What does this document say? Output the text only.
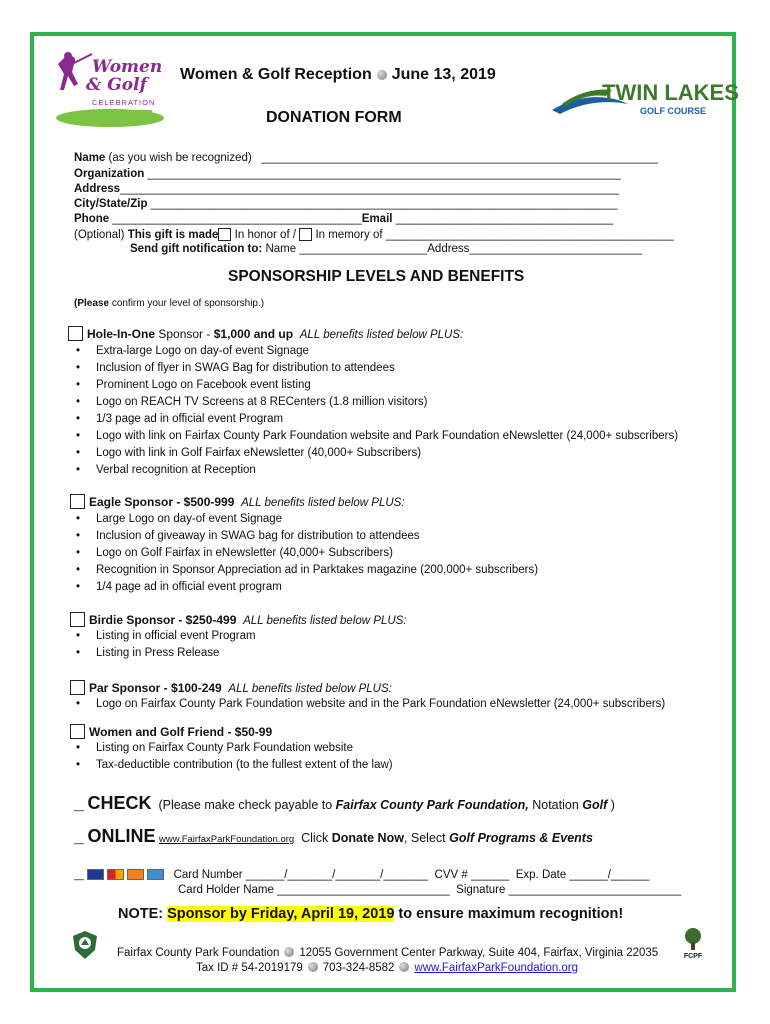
Women
& Golf
CELEBRATION
Women & Golf Reception June 13, 2019
TWIN LAKES
GOLF COURSE
DONATION FORM
Name (as you wish be recognized) ______________________________________________________________
Organization __________________________________________________________________________
Address______________________________________________________________________________
City/State/Zip _________________________________________________________________________
Phone _______________________________________Email __________________________________
(Optional) This gift is made In honor of / In memory of _____________________________________________
Send gift notification to: Name ____________________Address___________________________
SPONSORSHIP LEVELS AND BENEFITS
(Please confirm your level of sponsorship.)
Hole-In-One Sponsor - $1,000 and up ALL benefits listed below PLUS:
• Extra-large Logo on day-of event Signage
• Inclusion of flyer in SWAG Bag for distribution to attendees
• Prominent Logo on Facebook event listing
• Logo on REACH TV Screens at 8 RECenters (1.8 million visitors)
• 1/3 page ad in official event Program
• Logo with link on Fairfax County Park Foundation website and Park Foundation eNewsletter (24,000+ subscribers)
• Logo with link in Golf Fairfax eNewsletter (40,000+ Subscribers)
• Verbal recognition at Reception
Eagle Sponsor - $500-999 ALL benefits listed below PLUS:
• Large Logo on day-of event Signage
• Inclusion of giveaway in SWAG bag for distribution to attendees
• Logo on Golf Fairfax in eNewsletter (40,000+ Subscribers)
• Recognition in Sponsor Appreciation ad in Parktakes magazine (200,000+ subscribers)
• 1/4 page ad in official event program
Birdie Sponsor - $250-499 ALL benefits listed below PLUS:
• Listing in official event Program
• Listing in Press Release
Par Sponsor - $100-249 ALL benefits listed below PLUS:
• Logo on Fairfax County Park Foundation website and in the Park Foundation eNewsletter (24,000+ subscribers)
Women and Golf Friend - $50-99
• Listing on Fairfax County Park Foundation website
• Tax-deductible contribution (to the fullest extent of the law)
_ CHECK (Please make check payable to Fairfax County Park Foundation, Notation Golf )
_ ONLINE www.FairfaxParkFoundation.org Click Donate Now, Select Golf Programs & Events
_	Card Number ______/_______/_______/_______ CVV # ______ Exp. Date ______/______
Card Holder Name ___________________________ Signature ___________________________
NOTE: Sponsor by Friday, April 19, 2019 to ensure maximum recognition!
FCPF
Fairfax County Park Foundation 12055 Government Center Parkway, Suite 404, Fairfax, Virginia 22035
Tax ID # 54-2019179 703-324-8582 www.FairfaxParkFoundation.org
